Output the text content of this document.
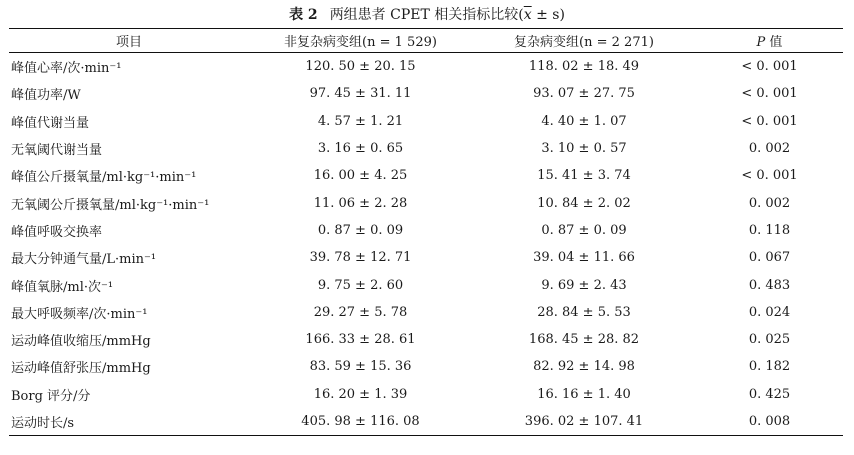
表 2 两组患者 CPET 相关指标比较$(\overline{x} \pm s)$
项目	非复杂病变组(n = 1 529)	复杂病变组(n = 2 271)	P 值
峰值心率/次·min⁻¹	120. 50 ± 20. 15	118. 02 ± 18. 49	< 0. 001
峰值功率/W	97. 45 ± 31. 11	93. 07 ± 27. 75	< 0. 001
峰值代谢当量	4. 57 ± 1. 21	4. 40 ± 1. 07	< 0. 001
无氧阈代谢当量	3. 16 ± 0. 65	3. 10 ± 0. 57	0. 002
峰值公斤摄氧量/ml·kg⁻¹·min⁻¹	16. 00 ± 4. 25	15. 41 ± 3. 74	< 0. 001
无氧阈公斤摄氧量/ml·kg⁻¹·min⁻¹	11. 06 ± 2. 28	10. 84 ± 2. 02	0. 002
峰值呼吸交换率	0. 87 ± 0. 09	0. 87 ± 0. 09	0. 118
最大分钟通气量/L·min⁻¹	39. 78 ± 12. 71	39. 04 ± 11. 66	0. 067
峰值氧脉/ml·次⁻¹	9. 75 ± 2. 60	9. 69 ± 2. 43	0. 483
最大呼吸频率/次·min⁻¹	29. 27 ± 5. 78	28. 84 ± 5. 53	0. 024
运动峰值收缩压/mmHg	166. 33 ± 28. 61	168. 45 ± 28. 82	0. 025
运动峰值舒张压/mmHg	83. 59 ± 15. 36	82. 92 ± 14. 98	0. 182
Borg 评分/分	16. 20 ± 1. 39	16. 16 ± 1. 40	0. 425
运动时长/s	405. 98 ± 116. 08	396. 02 ± 107. 41	0. 008
